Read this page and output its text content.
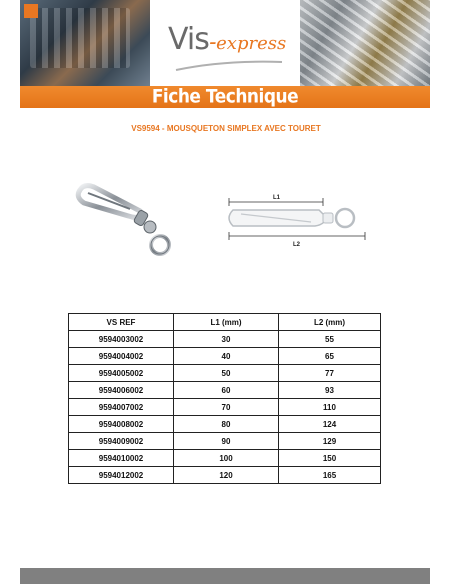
Vis-express
Fiche Technique
VS9594 - MOUSQUETON SIMPLEX AVEC TOURET
L1
L2
VS REF	L1 (mm)	L2 (mm)
9594003002	30	55
9594004002	40	65
9594005002	50	77
9594006002	60	93
9594007002	70	110
9594008002	80	124
9594009002	90	129
9594010002	100	150
9594012002	120	165
